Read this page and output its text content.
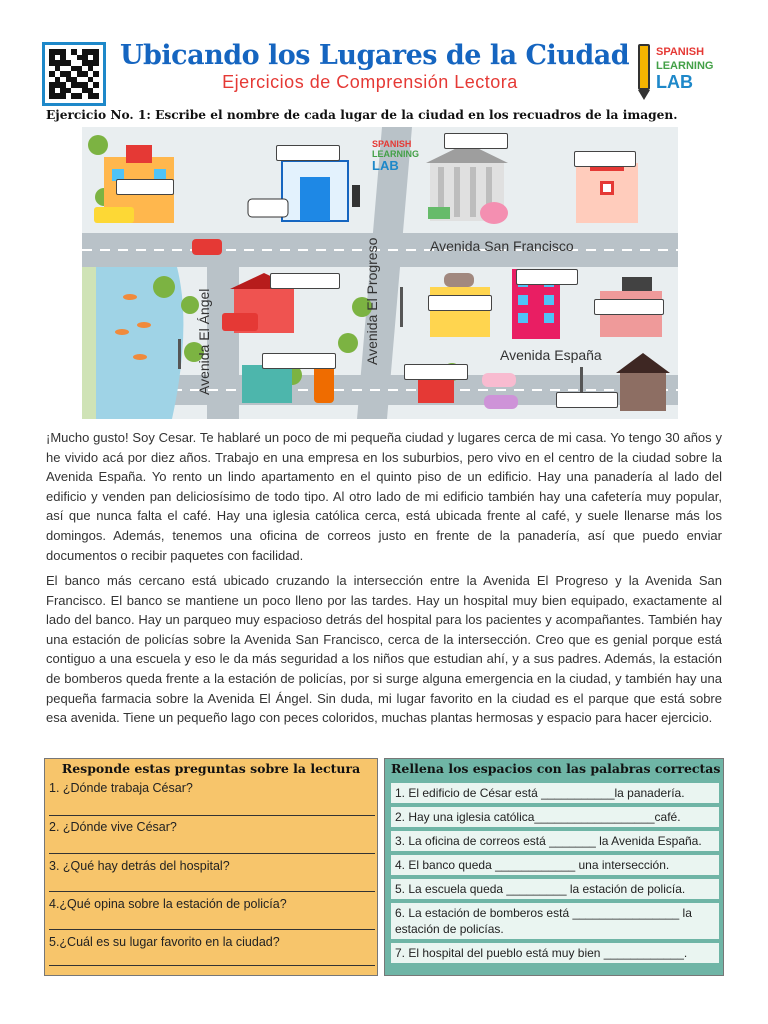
Ubicando los Lugares de la Ciudad
Ejercicios de Comprensión Lectora
SPANISH
LEARNING
LAB
Ejercicio No. 1: Escribe el nombre de cada lugar de la ciudad en los recuadros de la imagen.
SPANISH
LEARNING
LAB
Avenida San Francisco
Avenida España
Avenida El Ángel	Avenida El Progreso

¡Mucho gusto! Soy Cesar. Te hablaré un poco de mi pequeña ciudad y lugares cerca de mi casa. Yo tengo 30 años y he vivido acá por diez años. Trabajo en una empresa en los suburbios, pero vivo en el centro de la ciudad sobre la Avenida España. Yo rento un lindo apartamento en el quinto piso de un edificio. Hay una panadería al lado del edificio y venden pan deliciosísimo de todo tipo. Al otro lado de mi edificio también hay una cafetería muy popular, así que nunca falta el café. Hay una iglesia católica cerca, está ubicada frente al café, y suele llenarse más los domingos. Además, tenemos una oficina de correos justo en frente de la panadería, así que puedo enviar documentos o recibir paquetes con facilidad.

El banco más cercano está ubicado cruzando la intersección entre la Avenida El Progreso y la Avenida San Francisco. El banco se mantiene un poco lleno por las tardes. Hay un hospital muy bien equipado, exactamente al lado del banco. Hay un parqueo muy espacioso detrás del hospital para los pacientes y acompañantes. También hay una estación de policías sobre la Avenida San Francisco, cerca de la intersección. Creo que es genial porque está contiguo a una escuela y eso le da más seguridad a los niños que estudian ahí, y a sus padres. Además, la estación de bomberos queda frente a la estación de policías, por si surge alguna emergencia en la ciudad, y también hay una pequeña farmacia sobre la Avenida El Ángel. Sin duda, mi lugar favorito en la ciudad es el parque que está sobre esa avenida. Tiene un pequeño lago con peces coloridos, muchas plantas hermosas y espacio para hacer ejercicio.

Responde estas preguntas sobre la lectura
1. ¿Dónde trabaja César?
2. ¿Dónde vive César?
3. ¿Qué hay detrás del hospital?
4.¿Qué opina sobre la estación de policía?
5.¿Cuál es su lugar favorito en la ciudad?
Rellena los espacios con las palabras correctas
1. El edificio de César está ___________la panadería.
2. Hay una iglesia católica__________________café.
3. La oficina de correos está _______ la Avenida España.
4. El banco queda ____________ una intersección.
5. La escuela queda _________ la estación de policía.
6. La estación de bomberos está ________________ la estación de policías.
7. El hospital del pueblo está muy bien ____________.
